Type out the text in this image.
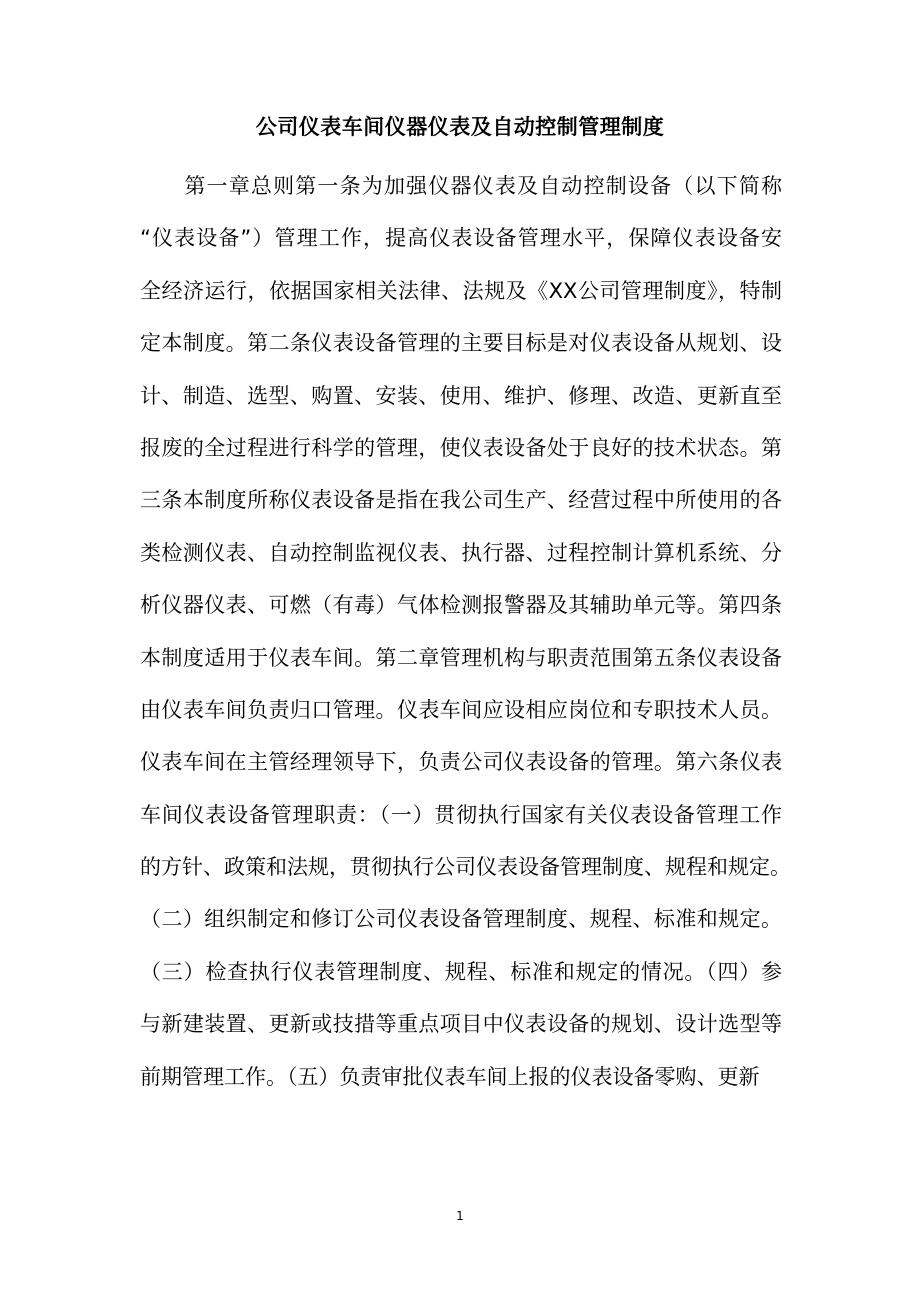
公司仪表车间仪器仪表及自动控制管理制度
　　第一章总则第一条为加强仪器仪表及自动控制设备（以下简称
“仪表设备”）管理工作，提高仪表设备管理水平，保障仪表设备安
全经济运行，依据国家相关法律、法规及《XX公司管理制度》，特制
定本制度。第二条仪表设备管理的主要目标是对仪表设备从规划、设
计、制造、选型、购置、安装、使用、维护、修理、改造、更新直至
报废的全过程进行科学的管理，使仪表设备处于良好的技术状态。第
三条本制度所称仪表设备是指在我公司生产、经营过程中所使用的各
类检测仪表、自动控制监视仪表、执行器、过程控制计算机系统、分
析仪器仪表、可燃（有毒）气体检测报警器及其辅助单元等。第四条
本制度适用于仪表车间。第二章管理机构与职责范围第五条仪表设备
由仪表车间负责归口管理。仪表车间应设相应岗位和专职技术人员。
仪表车间在主管经理领导下，负责公司仪表设备的管理。第六条仪表
车间仪表设备管理职责：（一）贯彻执行国家有关仪表设备管理工作
的方针、政策和法规，贯彻执行公司仪表设备管理制度、规程和规定。
（二）组织制定和修订公司仪表设备管理制度、规程、标准和规定。
（三）检查执行仪表管理制度、规程、标准和规定的情况。（四）参
与新建装置、更新或技措等重点项目中仪表设备的规划、设计选型等
前期管理工作。（五）负责审批仪表车间上报的仪表设备零购、更新
1
